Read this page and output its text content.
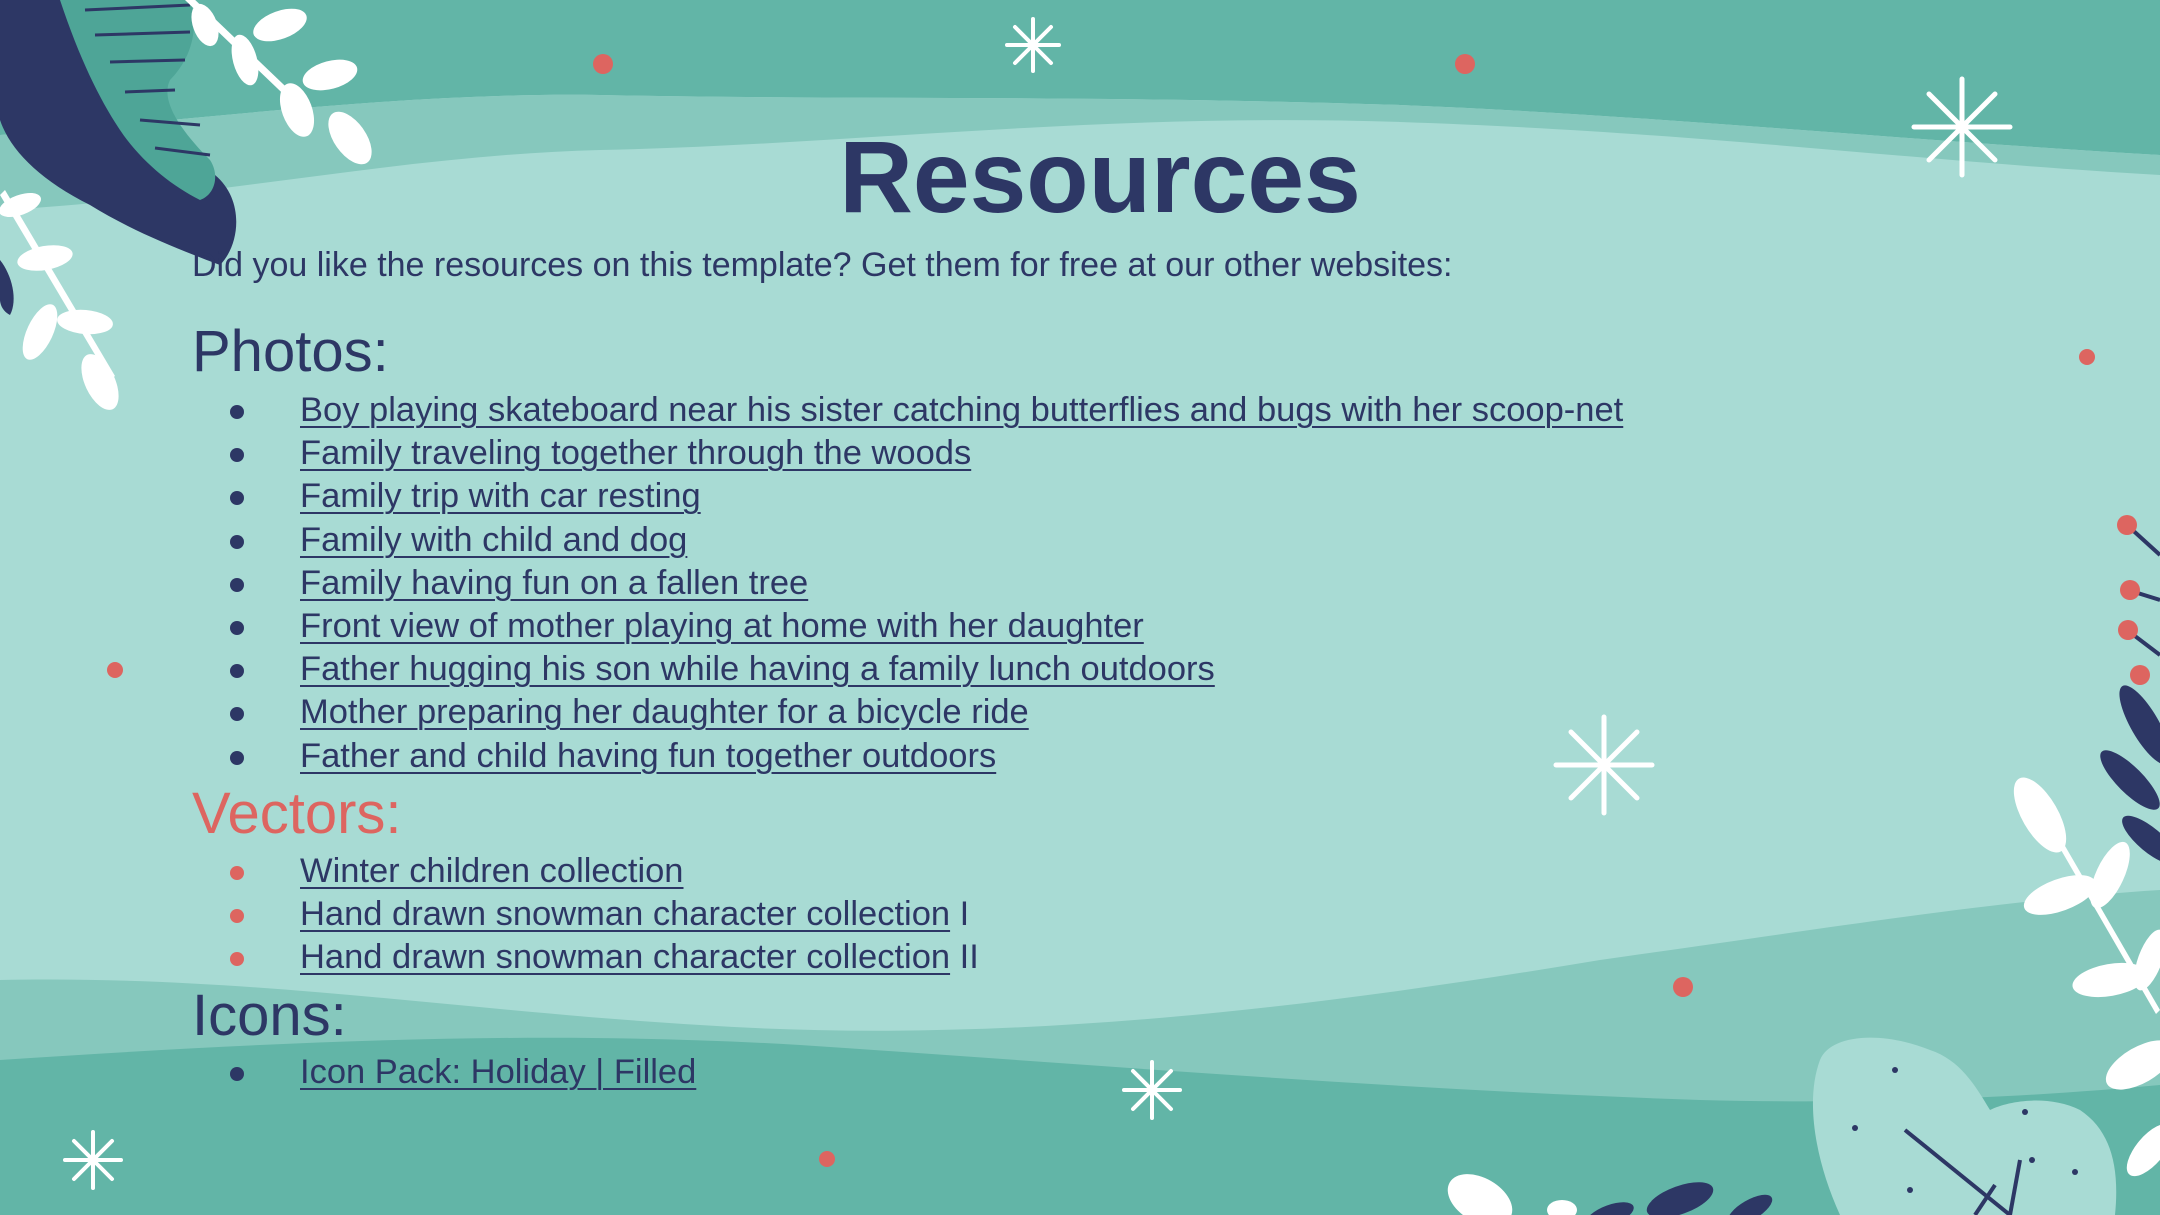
Resources
Did you like the resources on this template? Get them for free at our other websites:
Photos:
Boy playing skateboard near his sister catching butterflies and bugs with her scoop-net
Family traveling together through the woods
Family trip with car resting
Family with child and dog
Family having fun on a fallen tree
Front view of mother playing at home with her daughter
Father hugging his son while having a family lunch outdoors
Mother preparing her daughter for a bicycle ride
Father and child having fun together outdoors
Vectors:
Winter children collection
Hand drawn snowman character collection I
Hand drawn snowman character collection II
Icons:
Icon Pack: Holiday | Filled
